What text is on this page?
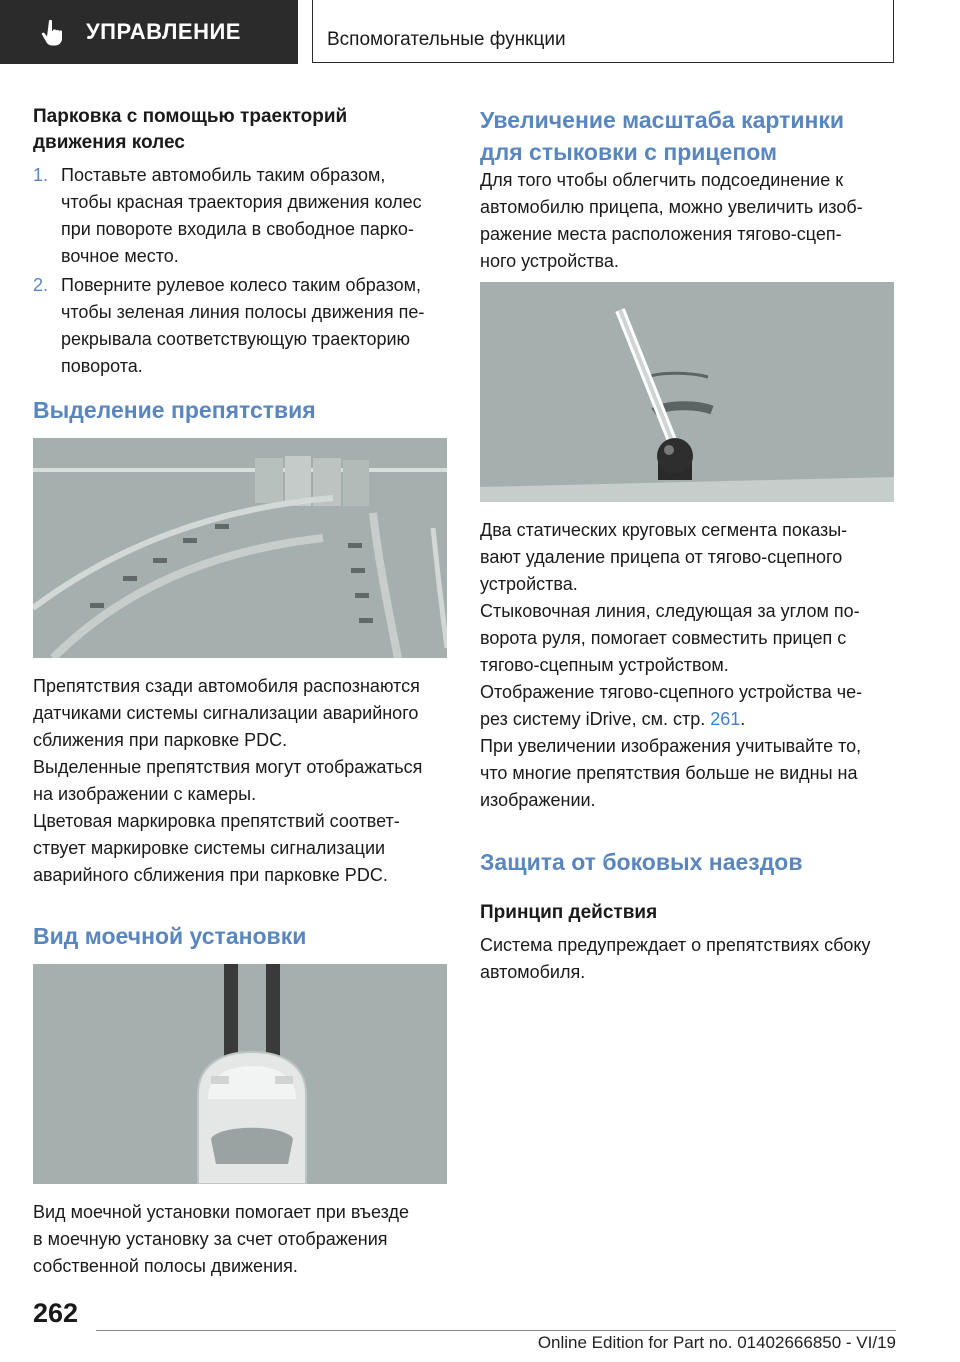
УПРАВЛЕНИЕ	Вспомогательные функции

Парковка с помощью траекторий
движения колес

1. Поставьте автомобиль таким образом,
чтобы красная траектория движения колес
при повороте входила в свободное парко-
вочное место.
2. Поверните рулевое колесо таким образом,
чтобы зеленая линия полосы движения пе-
рекрывала соответствующую траекторию
поворота.

Выделение препятствия

Препятствия сзади автомобиля распознаются
датчиками системы сигнализации аварийного
сближения при парковке PDC.
Выделенные препятствия могут отображаться
на изображении с камеры.
Цветовая маркировка препятствий соответ-
ствует маркировке системы сигнализации
аварийного сближения при парковке PDC.

Вид моечной установки

Вид моечной установки помогает при въезде
в моечную установку за счет отображения
собственной полосы движения.

Увеличение масштаба картинки
для стыковки с прицепом

Для того чтобы облегчить подсоединение к
автомобилю прицепа, можно увеличить изоб-
ражение места расположения тягово-сцеп-
ного устройства.
Два статических круговых сегмента показы-
вают удаление прицепа от тягово-сцепного
устройства.
Стыковочная линия, следующая за углом по-
ворота руля, помогает совместить прицеп с
тягово-сцепным устройством.
Отображение тягово-сцепного устройства че-
рез систему iDrive, см. стр. 261.
При увеличении изображения учитывайте то,
что многие препятствия больше не видны на
изображении.

Защита от боковых наездов

Принцип действия

Система предупреждает о препятствиях сбоку
автомобиля.
262
Online Edition for Part no. 01402666850 - VI/19
